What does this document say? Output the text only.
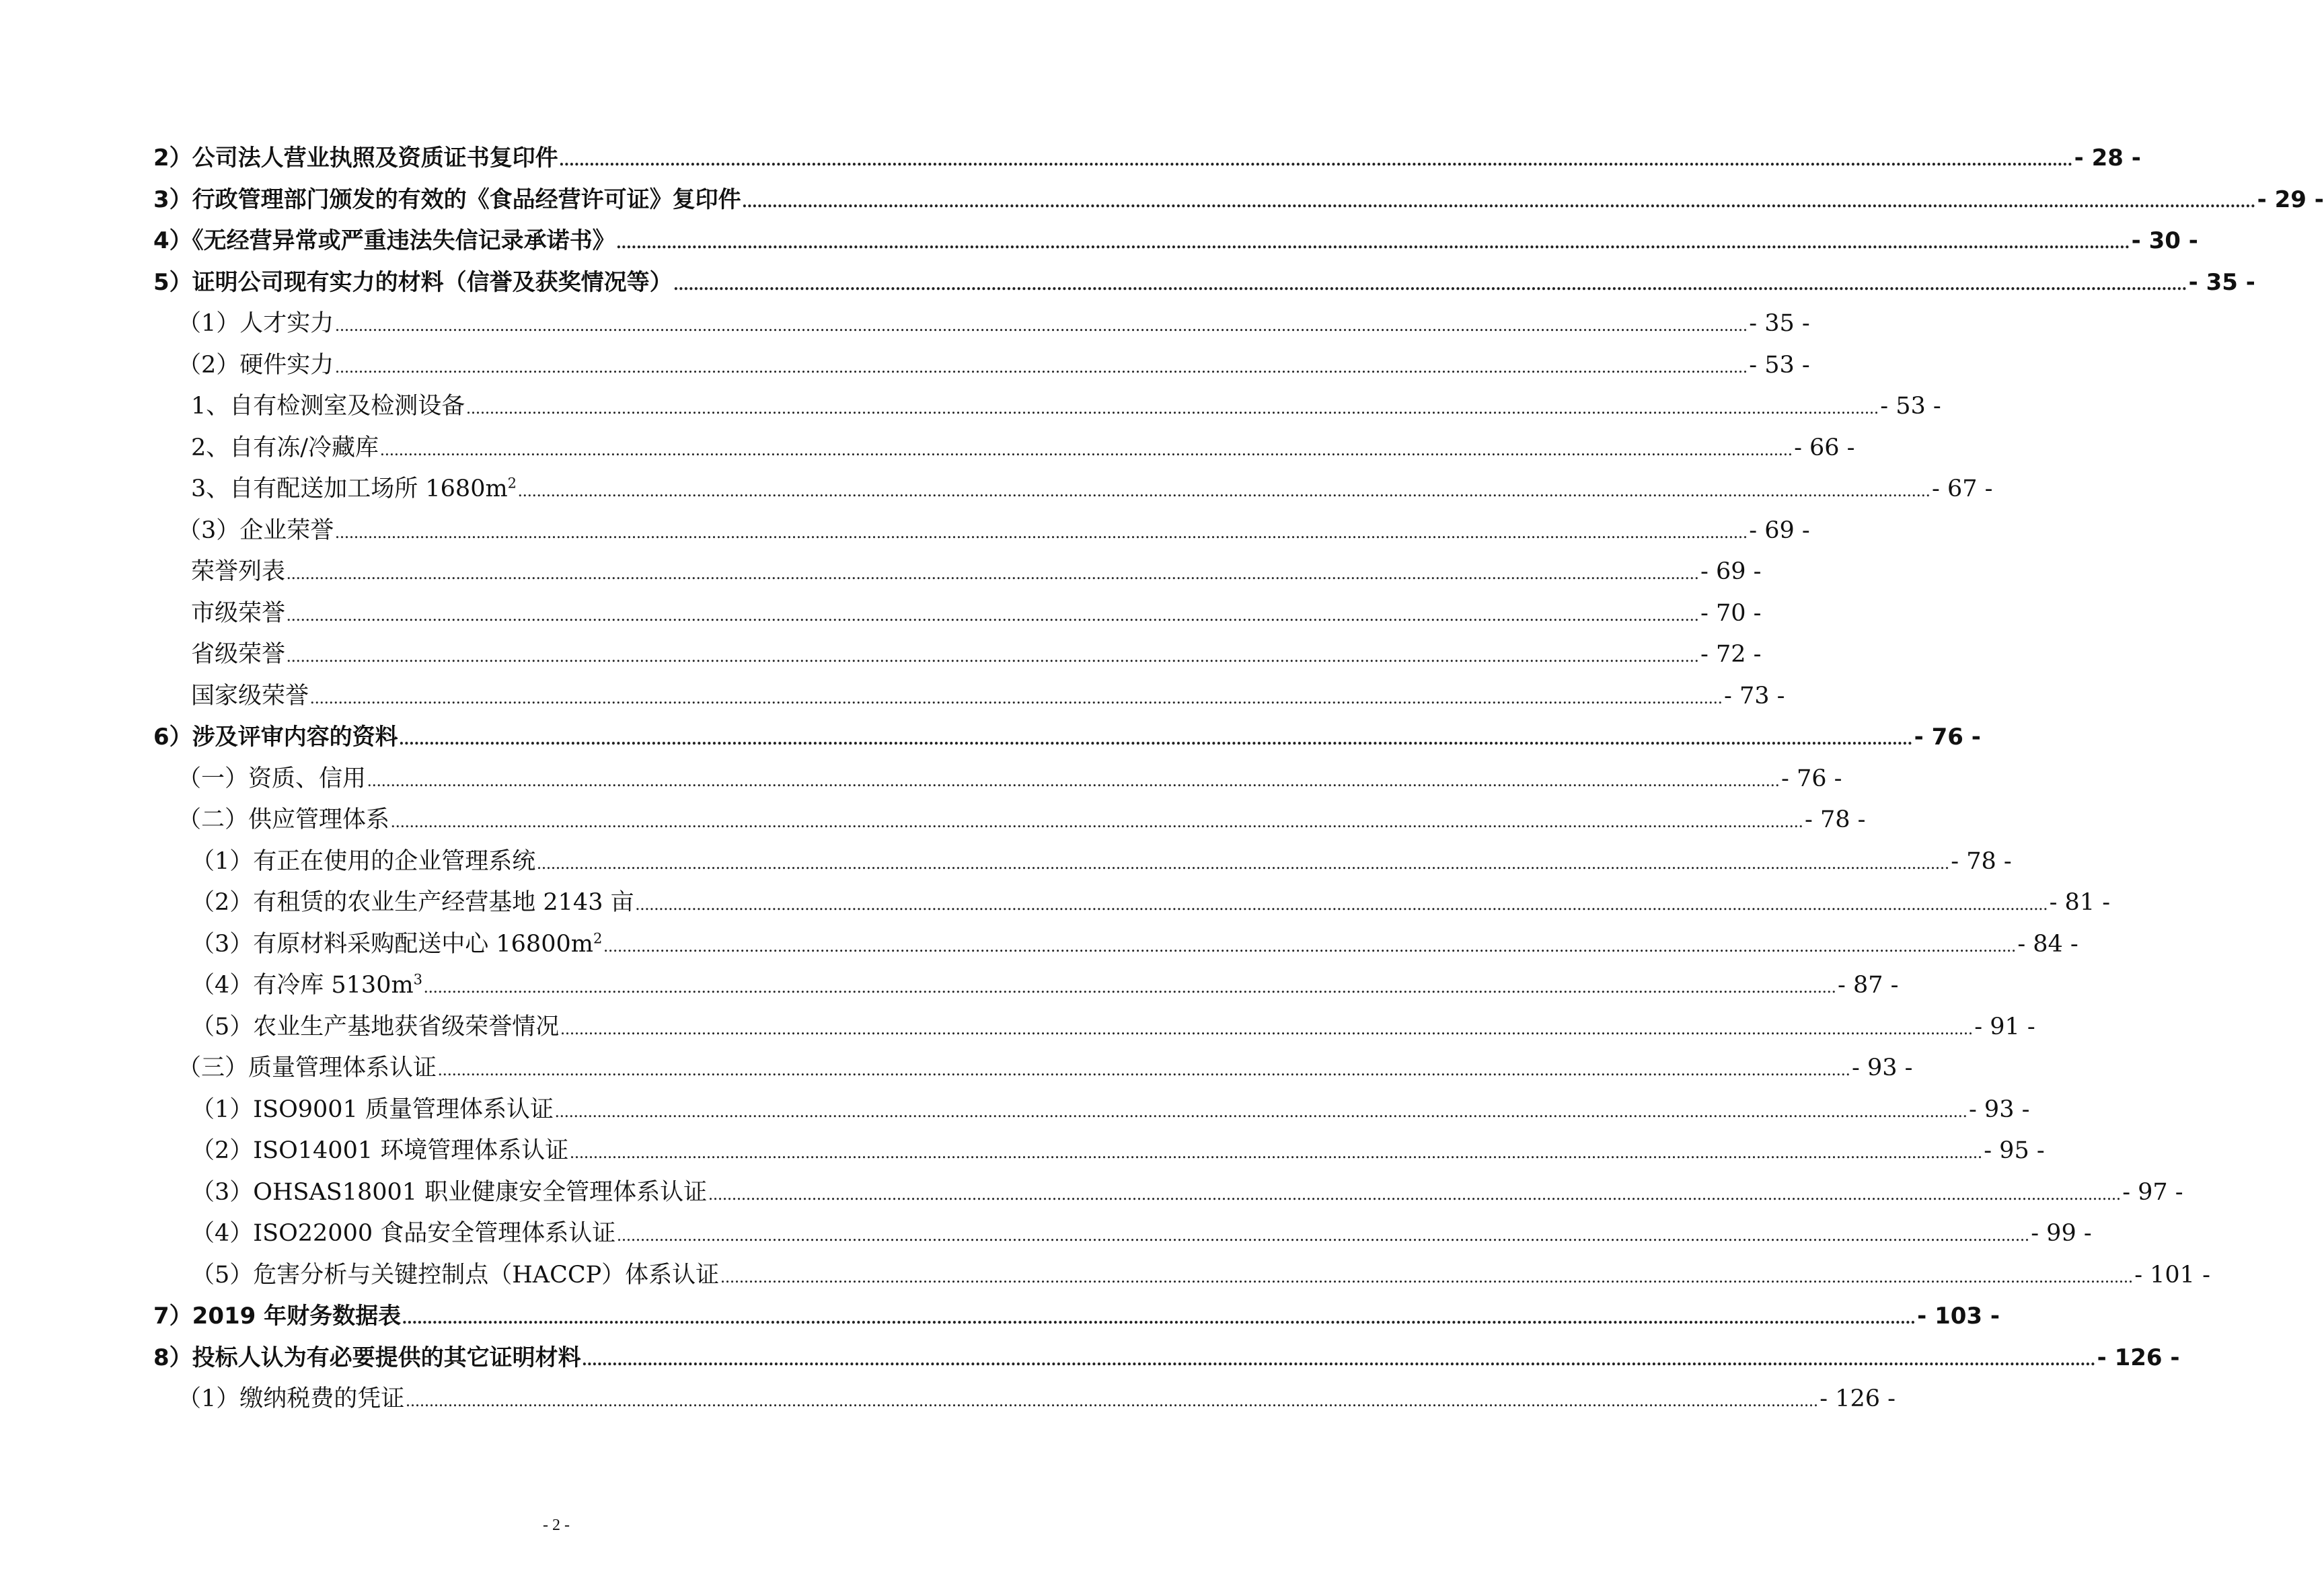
2）公司法人营业执照及资质证书复印件 ............................................................................................................................................................................................................................................................................................................ - 28 -
3）行政管理部门颁发的有效的《食品经营许可证》复印件 ............................................................................................................................................................................................................................................................................................................ - 29 -
4）《无经营异常或严重违法失信记录承诺书》 ............................................................................................................................................................................................................................................................................................................ - 30 -
5）证明公司现有实力的材料（信誉及获奖情况等） ............................................................................................................................................................................................................................................................................................................ - 35 -
（1）人才实力 ............................................................................................................................................................................................................................................................................................................ - 35 -
（2）硬件实力 ............................................................................................................................................................................................................................................................................................................ - 53 -
1、自有检测室及检测设备 ............................................................................................................................................................................................................................................................................................................ - 53 -
2、自有冻/冷藏库 ............................................................................................................................................................................................................................................................................................................ - 66 -
3、自有配送加工场所 $1680m^2$ ............................................................................................................................................................................................................................................................................................................ - 67 -
（3）企业荣誉 ............................................................................................................................................................................................................................................................................................................ - 69 -
荣誉列表 ............................................................................................................................................................................................................................................................................................................ - 69 -
市级荣誉 ............................................................................................................................................................................................................................................................................................................ - 70 -
省级荣誉 ............................................................................................................................................................................................................................................................................................................ - 72 -
国家级荣誉 ............................................................................................................................................................................................................................................................................................................ - 73 -
6）涉及评审内容的资料 ............................................................................................................................................................................................................................................................................................................ - 76 -
（一）资质、信用 ............................................................................................................................................................................................................................................................................................................ - 76 -
（二）供应管理体系 ............................................................................................................................................................................................................................................................................................................ - 78 -
（1）有正在使用的企业管理系统 ............................................................................................................................................................................................................................................................................................................ - 78 -
（2）有租赁的农业生产经营基地 2143 亩 ............................................................................................................................................................................................................................................................................................................ - 81 -
（3）有原材料采购配送中心 $16800m^2$ ............................................................................................................................................................................................................................................................................................................ - 84 -
（4）有冷库 $5130m^3$ ............................................................................................................................................................................................................................................................................................................ - 87 -
（5）农业生产基地获省级荣誉情况 ............................................................................................................................................................................................................................................................................................................ - 91 -
（三）质量管理体系认证 ............................................................................................................................................................................................................................................................................................................ - 93 -
（1）ISO9001 质量管理体系认证 ............................................................................................................................................................................................................................................................................................................ - 93 -
（2）ISO14001 环境管理体系认证 ............................................................................................................................................................................................................................................................................................................ - 95 -
（3）OHSAS18001 职业健康安全管理体系认证 ............................................................................................................................................................................................................................................................................................................ - 97 -
（4）ISO22000 食品安全管理体系认证 ............................................................................................................................................................................................................................................................................................................ - 99 -
（5）危害分析与关键控制点（HACCP）体系认证 ............................................................................................................................................................................................................................................................................................................ - 101 -
7）2019 年财务数据表 ............................................................................................................................................................................................................................................................................................................ - 103 -
8）投标人认为有必要提供的其它证明材料 ............................................................................................................................................................................................................................................................................................................ - 126 -
（1）缴纳税费的凭证 ............................................................................................................................................................................................................................................................................................................ - 126 -
- 2 -
